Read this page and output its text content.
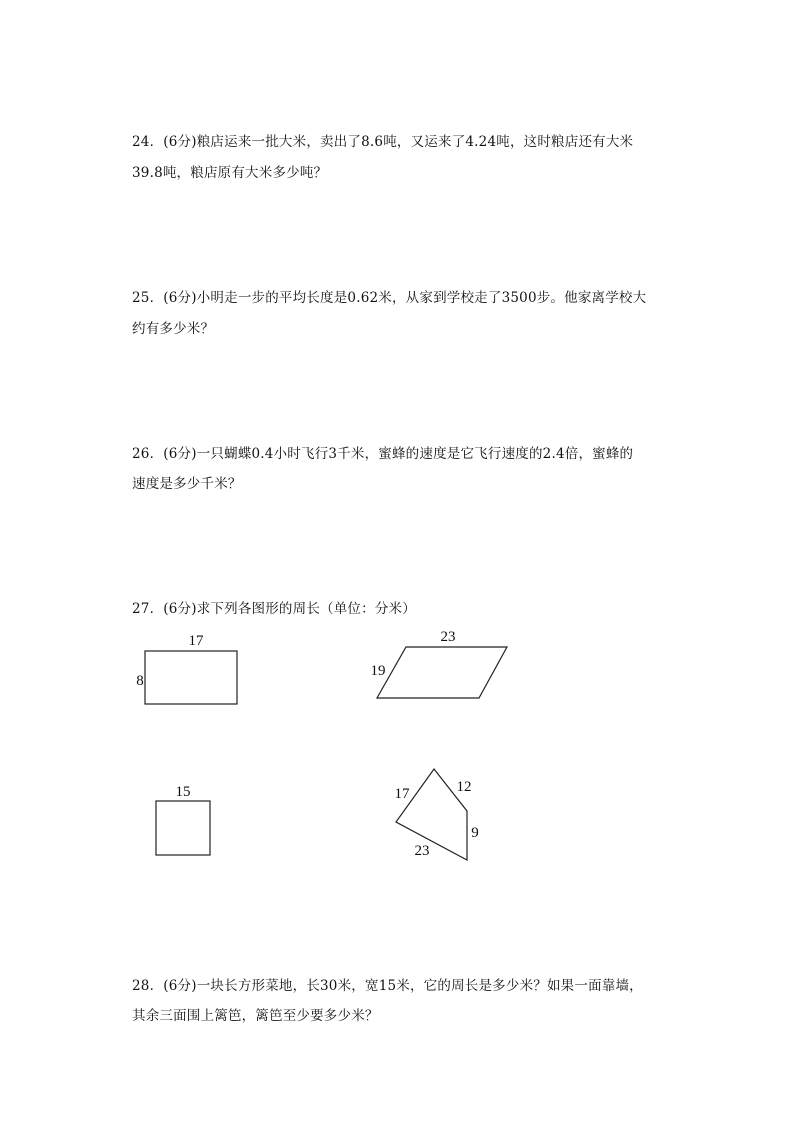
24．(6分)粮店运来一批大米，卖出了8.6吨，又运来了4.24吨，这时粮店还有大米
39.8吨，粮店原有大米多少吨？
25．(6分)小明走一步的平均长度是0.62米，从家到学校走了3500步。他家离学校大
约有多少米？
26．(6分)一只蝴蝶0.4小时飞行3千米，蜜蜂的速度是它飞行速度的2.4倍，蜜蜂的
速度是多少千米？
27．(6分)求下列各图形的周长（单位：分米）
17
8
23
19
15	17	12
9
23
28．(6分)一块长方形菜地，长30米，宽15米，它的周长是多少米？如果一面靠墙，
其余三面围上篱笆，篱笆至少要多少米？
